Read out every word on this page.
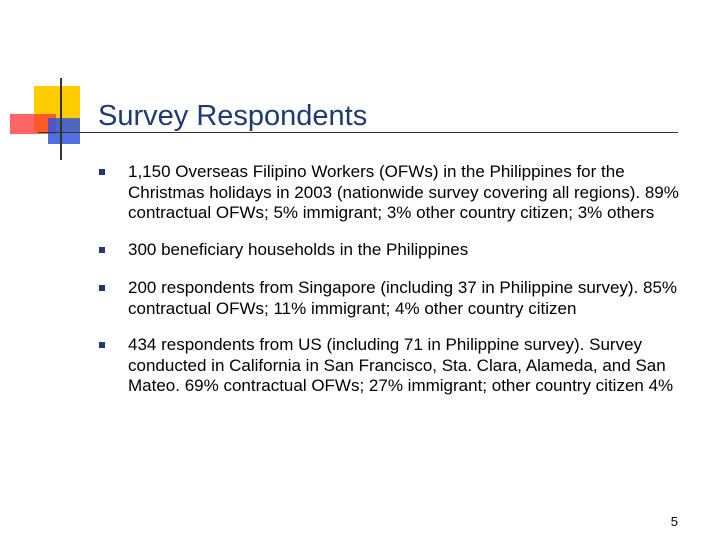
Survey Respondents
1,150 Overseas Filipino Workers (OFWs) in the Philippines for the Christmas holidays in 2003 (nationwide survey covering all regions). 89% contractual OFWs; 5% immigrant; 3% other country citizen; 3% others
300 beneficiary households in the Philippines
200 respondents from Singapore (including 37 in Philippine survey). 85% contractual OFWs; 11% immigrant; 4% other country citizen
434 respondents from US (including 71 in Philippine survey). Survey conducted in California in San Francisco, Sta. Clara, Alameda, and San Mateo. 69% contractual OFWs; 27% immigrant; other country citizen 4%
5
